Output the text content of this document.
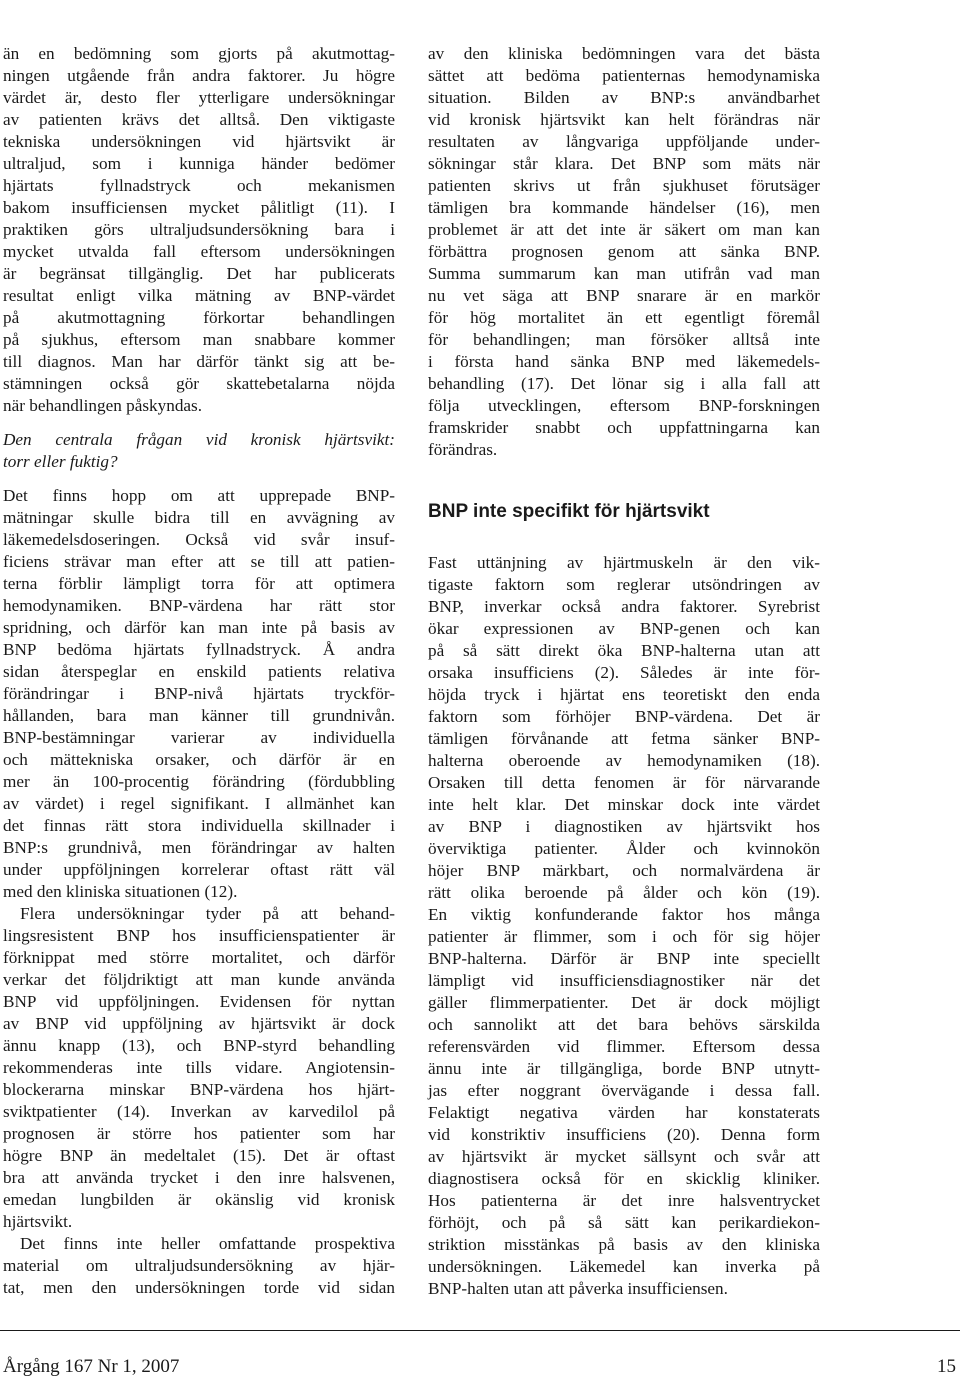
än en bedömning som gjorts på akutmottag-
ningen utgående från andra faktorer. Ju högre
värdet är, desto fler ytterligare undersökningar
av patienten krävs det alltså. Den viktigaste
tekniska undersökningen vid hjärtsvikt är
ultraljud, som i kunniga händer bedömer
hjärtats fyllnadstryck och mekanismen
bakom insufficiensen mycket pålitligt (11). I
praktiken görs ultraljudsundersökning bara i
mycket utvalda fall eftersom undersökningen
är begränsat tillgänglig. Det har publicerats
resultat enligt vilka mätning av BNP-värdet
på akutmottagning förkortar behandlingen
på sjukhus, eftersom man snabbare kommer
till diagnos. Man har därför tänkt sig att be-
stämningen också gör skattebetalarna nöjda
när behandlingen påskyndas.
Den centrala frågan vid kronisk hjärtsvikt:
torr eller fuktig?
Det finns hopp om att upprepade BNP-
mätningar skulle bidra till en avvägning av
läkemedelsdoseringen. Också vid svår insuf-
ficiens strävar man efter att se till att patien-
terna förblir lämpligt torra för att optimera
hemodynamiken. BNP-värdena har rätt stor
spridning, och därför kan man inte på basis av
BNP bedöma hjärtats fyllnadstryck. Å andra
sidan återspeglar en enskild patients relativa
förändringar i BNP-nivå hjärtats tryckför-
hållanden, bara man känner till grundnivån.
BNP-bestämningar varierar av individuella
och mättekniska orsaker, och därför är en
mer än 100-procentig förändring (fördubbling
av värdet) i regel signifikant. I allmänhet kan
det finnas rätt stora individuella skillnader i
BNP:s grundnivå, men förändringar av halten
under uppföljningen korrelerar oftast rätt väl
med den kliniska situationen (12).
Flera undersökningar tyder på att behand-
lingsresistent BNP hos insufficienspatienter är
förknippat med större mortalitet, och därför
verkar det följdriktigt att man kunde använda
BNP vid uppföljningen. Evidensen för nyttan
av BNP vid uppföljning av hjärtsvikt är dock
ännu knapp (13), och BNP-styrd behandling
rekommenderas inte tills vidare. Angiotensin-
blockerarna minskar BNP-värdena hos hjärt-
sviktpatienter (14). Inverkan av karvedilol på
prognosen är större hos patienter som har
högre BNP än medeltalet (15). Det är oftast
bra att använda trycket i den inre halsvenen,
emedan lungbilden är okänslig vid kronisk
hjärtsvikt.
Det finns inte heller omfattande prospektiva
material om ultraljudsundersökning av hjär-
tat, men den undersökningen torde vid sidan
av den kliniska bedömningen vara det bästa
sättet att bedöma patienternas hemodynamiska
situation. Bilden av BNP:s användbarhet
vid kronisk hjärtsvikt kan helt förändras när
resultaten av långvariga uppföljande under-
sökningar står klara. Det BNP som mäts när
patienten skrivs ut från sjukhuset förutsäger
tämligen bra kommande händelser (16), men
problemet är att det inte är säkert om man kan
förbättra prognosen genom att sänka BNP.
Summa summarum kan man utifrån vad man
nu vet säga att BNP snarare är en markör
för hög mortalitet än ett egentligt föremål
för behandlingen; man försöker alltså inte
i första hand sänka BNP med läkemedels-
behandling (17). Det lönar sig i alla fall att
följa utvecklingen, eftersom BNP-forskningen
framskrider snabbt och uppfattningarna kan
förändras.
BNP inte specifikt för hjärtsvikt
Fast uttänjning av hjärtmuskeln är den vik-
tigaste faktorn som reglerar utsöndringen av
BNP, inverkar också andra faktorer. Syrebrist
ökar expressionen av BNP-genen och kan
på så sätt direkt öka BNP-halterna utan att
orsaka insufficiens (2). Således är inte för-
höjda tryck i hjärtat ens teoretiskt den enda
faktorn som förhöjer BNP-värdena. Det är
tämligen förvånande att fetma sänker BNP-
halterna oberoende av hemodynamiken (18).
Orsaken till detta fenomen är för närvarande
inte helt klar. Det minskar dock inte värdet
av BNP i diagnostiken av hjärtsvikt hos
överviktiga patienter. Ålder och kvinnokön
höjer BNP märkbart, och normalvärdena är
rätt olika beroende på ålder och kön (19).
En viktig konfunderande faktor hos många
patienter är flimmer, som i och för sig höjer
BNP-halterna. Därför är BNP inte speciellt
lämpligt vid insufficiensdiagnostiker när det
gäller flimmerpatienter. Det är dock möjligt
och sannolikt att det bara behövs särskilda
referensvärden vid flimmer. Eftersom dessa
ännu inte är tillgängliga, borde BNP utnytt-
jas efter noggrant övervägande i dessa fall.
Felaktigt negativa värden har konstaterats
vid konstriktiv insufficiens (20). Denna form
av hjärtsvikt är mycket sällsynt och svår att
diagnostisera också för en skicklig kliniker.
Hos patienterna är det inre halsventrycket
förhöjt, och på så sätt kan perikardiekon-
striktion misstänkas på basis av den kliniska
undersökningen. Läkemedel kan inverka på
BNP-halten utan att påverka insufficiensen.
Årgång 167 Nr 1, 2007	15
